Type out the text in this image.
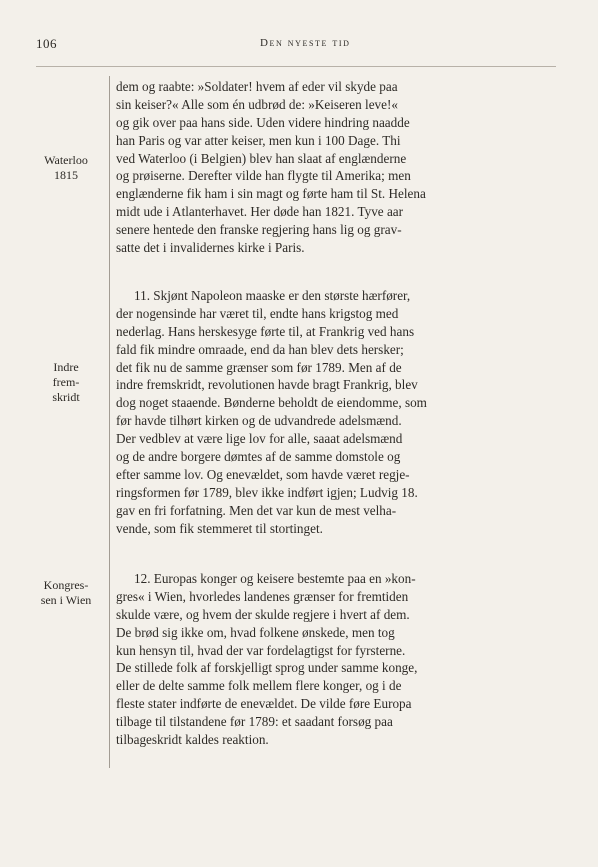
106	Den nyeste tid
Waterloo
1815
Indre
frem-
skridt
Kongres-
sen i Wien
dem og raabte: »Soldater! hvem af eder vil skyde paa
sin keiser?« Alle som én udbrød de: »Keiseren leve!«
og gik over paa hans side. Uden videre hindring naadde
han Paris og var atter keiser, men kun i 100 Dage. Thi
ved Waterloo (i Belgien) blev han slaat af englænderne
og prøiserne. Derefter vilde han flygte til Amerika; men
englænderne fik ham i sin magt og førte ham til St. Helena
midt ude i Atlanterhavet. Her døde han 1821. Tyve aar
senere hentede den franske regjering hans lig og grav-
satte det i invalidernes kirke i Paris.
11. Skjønt Napoleon maaske er den største hærfører,
der nogensinde har været til, endte hans krigstog med
nederlag. Hans herskesyge førte til, at Frankrig ved hans
fald fik mindre omraade, end da han blev dets hersker;
det fik nu de samme grænser som før 1789. Men af de
indre fremskridt, revolutionen havde bragt Frankrig, blev
dog noget staaende. Bønderne beholdt de eiendomme, som
før havde tilhørt kirken og de udvandrede adelsmænd.
Der vedblev at være lige lov for alle, saaat adelsmænd
og de andre borgere dømtes af de samme domstole og
efter samme lov. Og enevældet, som havde været regje-
ringsformen før 1789, blev ikke indført igjen; Ludvig 18.
gav en fri forfatning. Men det var kun de mest velha-
vende, som fik stemmeret til stortinget.
12. Europas konger og keisere bestemte paa en »kon-
gres« i Wien, hvorledes landenes grænser for fremtiden
skulde være, og hvem der skulde regjere i hvert af dem.
De brød sig ikke om, hvad folkene ønskede, men tog
kun hensyn til, hvad der var fordelagtigst for fyrsterne.
De stillede folk af forskjelligt sprog under samme konge,
eller de delte samme folk mellem flere konger, og i de
fleste stater indførte de enevældet. De vilde føre Europa
tilbage til tilstandene før 1789: et saadant forsøg paa
tilbageskridt kaldes reaktion.
